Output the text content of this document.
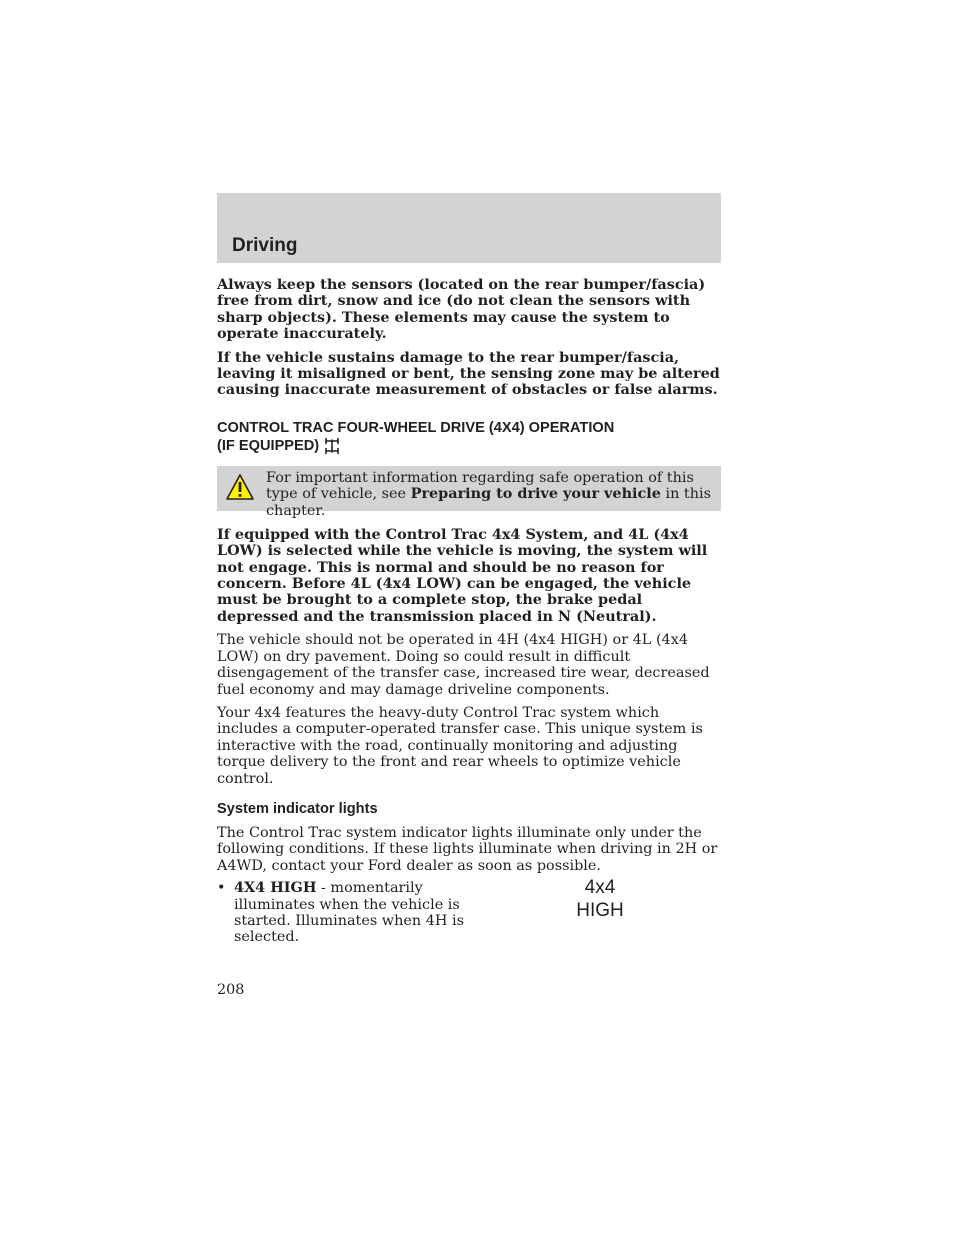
Driving

Always keep the sensors (located on the rear bumper/fascia) free from dirt, snow and ice (do not clean the sensors with sharp objects). These elements may cause the system to operate inaccurately.

If the vehicle sustains damage to the rear bumper/fascia, leaving it misaligned or bent, the sensing zone may be altered causing inaccurate measurement of obstacles or false alarms.

CONTROL TRAC FOUR-WHEEL DRIVE (4X4) OPERATION
(IF EQUIPPED)
For important information regarding safe operation of this type of vehicle, see Preparing to drive your vehicle in this chapter.

If equipped with the Control Trac 4x4 System, and 4L (4x4 LOW) is selected while the vehicle is moving, the system will not engage. This is normal and should be no reason for concern. Before 4L (4x4 LOW) can be engaged, the vehicle must be brought to a complete stop, the brake pedal depressed and the transmission placed in N (Neutral).

The vehicle should not be operated in 4H (4x4 HIGH) or 4L (4x4 LOW) on dry pavement. Doing so could result in difficult disengagement of the transfer case, increased tire wear, decreased fuel economy and may damage driveline components.

Your 4x4 features the heavy-duty Control Trac system which includes a computer-operated transfer case. This unique system is interactive with the road, continually monitoring and adjusting torque delivery to the front and rear wheels to optimize vehicle control.

System indicator lights

The Control Trac system indicator lights illuminate only under the following conditions. If these lights illuminate when driving in 2H or A4WD, contact your Ford dealer as soon as possible.

• 4X4 HIGH - momentarily illuminates when the vehicle is started. Illuminates when 4H is selected.
4x4
HIGH
208
